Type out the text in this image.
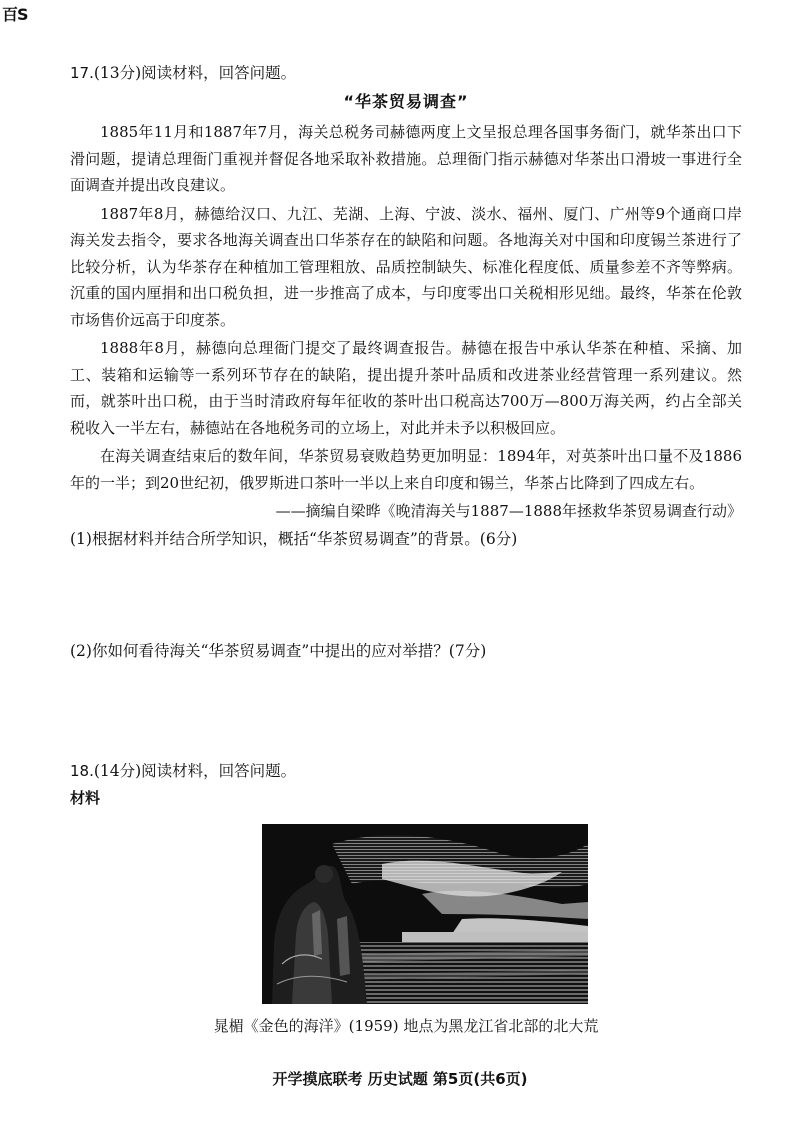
百S

17.(13分)阅读材料，回答问题。

“华茶贸易调查”

1885年11月和1887年7月，海关总税务司赫德两度上文呈报总理各国事务衙门，就华茶出口下滑问题，提请总理衙门重视并督促各地采取补救措施。总理衙门指示赫德对华茶出口滑坡一事进行全面调查并提出改良建议。

1887年8月，赫德给汉口、九江、芜湖、上海、宁波、淡水、福州、厦门、广州等9个通商口岸海关发去指令，要求各地海关调查出口华茶存在的缺陷和问题。各地海关对中国和印度锡兰茶进行了比较分析，认为华茶存在种植加工管理粗放、品质控制缺失、标准化程度低、质量参差不齐等弊病。沉重的国内厘捐和出口税负担，进一步推高了成本，与印度零出口关税相形见绌。最终，华茶在伦敦市场售价远高于印度茶。

1888年8月，赫德向总理衙门提交了最终调查报告。赫德在报告中承认华茶在种植、采摘、加工、装箱和运输等一系列环节存在的缺陷，提出提升茶叶品质和改进茶业经营管理一系列建议。然而，就茶叶出口税，由于当时清政府每年征收的茶叶出口税高达700万—800万海关两，约占全部关税收入一半左右，赫德站在各地税务司的立场上，对此并未予以积极回应。

在海关调查结束后的数年间，华茶贸易衰败趋势更加明显：1894年，对英茶叶出口量不及1886年的一半；到20世纪初，俄罗斯进口茶叶一半以上来自印度和锡兰，华茶占比降到了四成左右。

——摘编自梁晔《晚清海关与1887—1888年拯救华茶贸易调查行动》

(1)根据材料并结合所学知识，概括“华茶贸易调查”的背景。(6分)

(2)你如何看待海关“华茶贸易调查”中提出的应对举措？(7分)

18.(14分)阅读材料，回答问题。

材料
晁楣《金色的海洋》(1959) 地点为黑龙江省北部的北大荒
开学摸底联考 历史试题 第5页(共6页)
